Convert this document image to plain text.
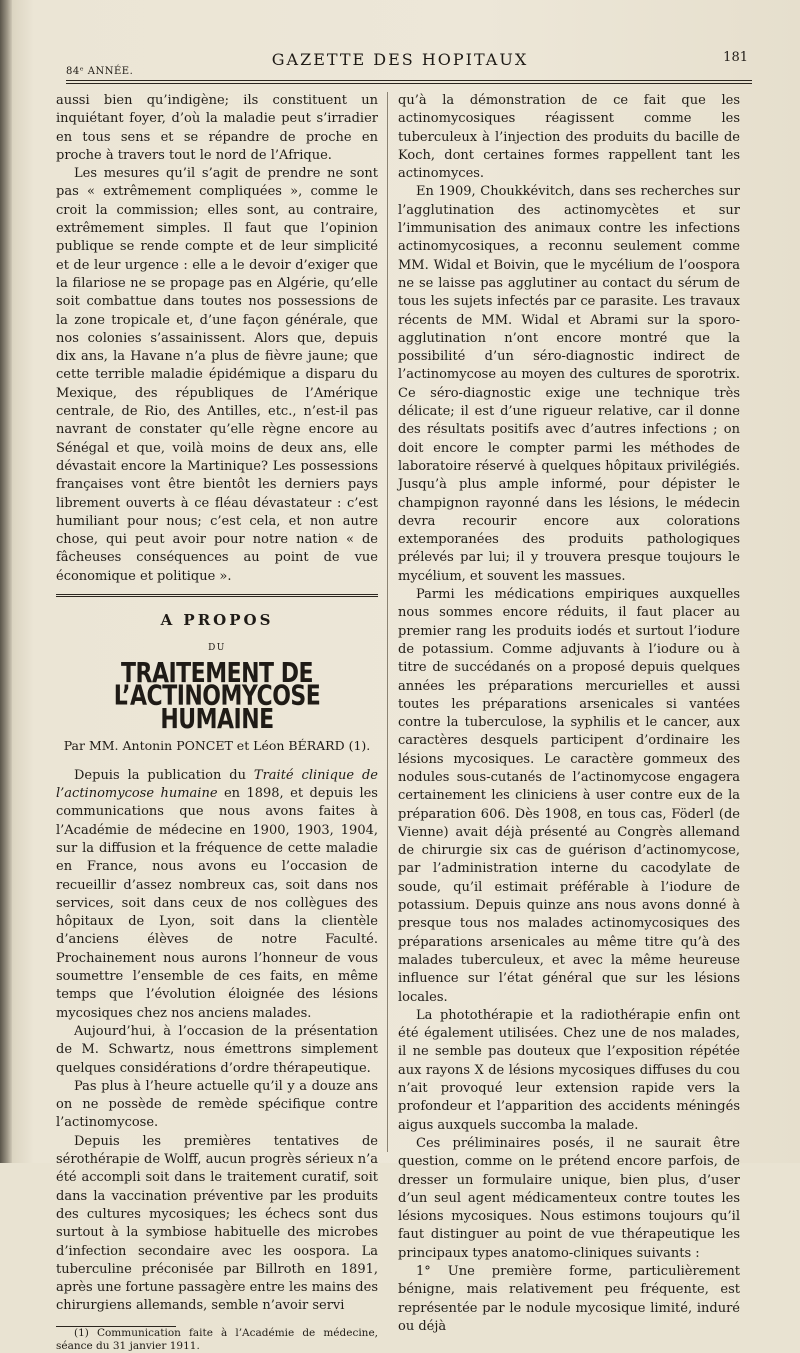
84ᵉ ANNÉE.
GAZETTE DES HOPITAUX	181

aussi bien qu’indigène; ils constituent un inquiétant foyer, d’où la maladie peut s’irradier en tous sens et se répandre de proche en proche à travers tout le nord de l’Afrique.

Les mesures qu’il s’agit de prendre ne sont pas « extrêmement compliquées », comme le croit la commission; elles sont, au contraire, extrêmement simples. Il faut que l’opinion publique se rende compte et de leur simplicité et de leur urgence : elle a le devoir d’exiger que la filariose ne se propage pas en Algérie, qu’elle soit combattue dans toutes nos possessions de la zone tropicale et, d’une façon générale, que nos colonies s’assainissent. Alors que, depuis dix ans, la Havane n’a plus de fièvre jaune; que cette terrible maladie épidémique a disparu du Mexique, des républiques de l’Amérique centrale, de Rio, des Antilles, etc., n’est-il pas navrant de constater qu’elle règne encore au Sénégal et que, voilà moins de deux ans, elle dévastait encore la Martinique? Les possessions françaises vont être bientôt les derniers pays librement ouverts à ce fléau dévastateur : c’est humiliant pour nous; c’est cela, et non autre chose, qui peut avoir pour notre nation « de fâcheuses conséquences au point de vue économique et politique ».

A PROPOS
DU
TRAITEMENT DE L’ACTINOMYCOSE HUMAINE
Par MM. Antonin PONCET et Léon BÉRARD (1).

Depuis la publication du Traité clinique de l’actinomycose humaine en 1898, et depuis les communications que nous avons faites à l’Académie de médecine en 1900, 1903, 1904, sur la diffusion et la fréquence de cette maladie en France, nous avons eu l’occasion de recueillir d’assez nombreux cas, soit dans nos services, soit dans ceux de nos collègues des hôpitaux de Lyon, soit dans la clientèle d’anciens élèves de notre Faculté. Prochainement nous aurons l’honneur de vous soumettre l’ensemble de ces faits, en même temps que l’évolution éloignée des lésions mycosiques chez nos anciens malades.

Aujourd’hui, à l’occasion de la présentation de M. Schwartz, nous émettrons simplement quelques considérations d’ordre thérapeutique.

Pas plus à l’heure actuelle qu’il y a douze ans on ne possède de remède spécifique contre l’actinomycose.

Depuis les premières tentatives de sérothérapie de Wolff, aucun progrès sérieux n’a été accompli soit dans le traitement curatif, soit dans la vaccination préventive par les produits des cultures mycosiques; les échecs sont dus surtout à la symbiose habituelle des microbes d’infection secondaire avec les oospora. La tuberculine préconisée par Billroth en 1891, après une fortune passagère entre les mains des chirurgiens allemands, semble n’avoir servi

(1) Communication faite à l’Académie de médecine, séance du 31 janvier 1911.

qu’à la démonstration de ce fait que les actinomycosiques réagissent comme les tuberculeux à l’injection des produits du bacille de Koch, dont certaines formes rappellent tant les actinomyces.

En 1909, Choukkévitch, dans ses recherches sur l’agglutination des actinomycètes et sur l’immunisation des animaux contre les infections actinomycosiques, a reconnu seulement comme MM. Widal et Boivin, que le mycélium de l’oospora ne se laisse pas agglutiner au contact du sérum de tous les sujets infectés par ce parasite. Les travaux récents de MM. Widal et Abrami sur la sporo-agglutination n’ont encore montré que la possibilité d’un séro-diagnostic indirect de l’actinomycose au moyen des cultures de sporotrix. Ce séro-diagnostic exige une technique très délicate; il est d’une rigueur relative, car il donne des résultats positifs avec d’autres infections ; on doit encore le compter parmi les méthodes de laboratoire réservé à quelques hôpitaux privilégiés. Jusqu’à plus ample informé, pour dépister le champignon rayonné dans les lésions, le médecin devra recourir encore aux colorations extemporanées des produits pathologiques prélevés par lui; il y trouvera presque toujours le mycélium, et souvent les massues.

Parmi les médications empiriques auxquelles nous sommes encore réduits, il faut placer au premier rang les produits iodés et surtout l’iodure de potassium. Comme adjuvants à l’iodure ou à titre de succédanés on a proposé depuis quelques années les préparations mercurielles et aussi toutes les préparations arsenicales si vantées contre la tuberculose, la syphilis et le cancer, aux caractères desquels participent d’ordinaire les lésions mycosiques. Le caractère gommeux des nodules sous-cutanés de l’actinomycose engagera certainement les cliniciens à user contre eux de la préparation 606. Dès 1908, en tous cas, Föderl (de Vienne) avait déjà présenté au Congrès allemand de chirurgie six cas de guérison d’actinomycose, par l’administration interne du cacodylate de soude, qu’il estimait préférable à l’iodure de potassium. Depuis quinze ans nous avons donné à presque tous nos malades actinomycosiques des préparations arsenicales au même titre qu’à des malades tuberculeux, et avec la même heureuse influence sur l’état général que sur les lésions locales.

La photothérapie et la radiothérapie enfin ont été également utilisées. Chez une de nos malades, il ne semble pas douteux que l’exposition répétée aux rayons X de lésions mycosiques diffuses du cou n’ait provoqué leur extension rapide vers la profondeur et l’apparition des accidents méningés aigus auxquels succomba la malade.

Ces préliminaires posés, il ne saurait être question, comme on le prétend encore parfois, de dresser un formulaire unique, bien plus, d’user d’un seul agent médicamenteux contre toutes les lésions mycosiques. Nous estimons toujours qu’il faut distinguer au point de vue thérapeutique les principaux types anatomo-cliniques suivants :

1° Une première forme, particulièrement bénigne, mais relativement peu fréquente, est représentée par le nodule mycosique limité, induré ou déjà
